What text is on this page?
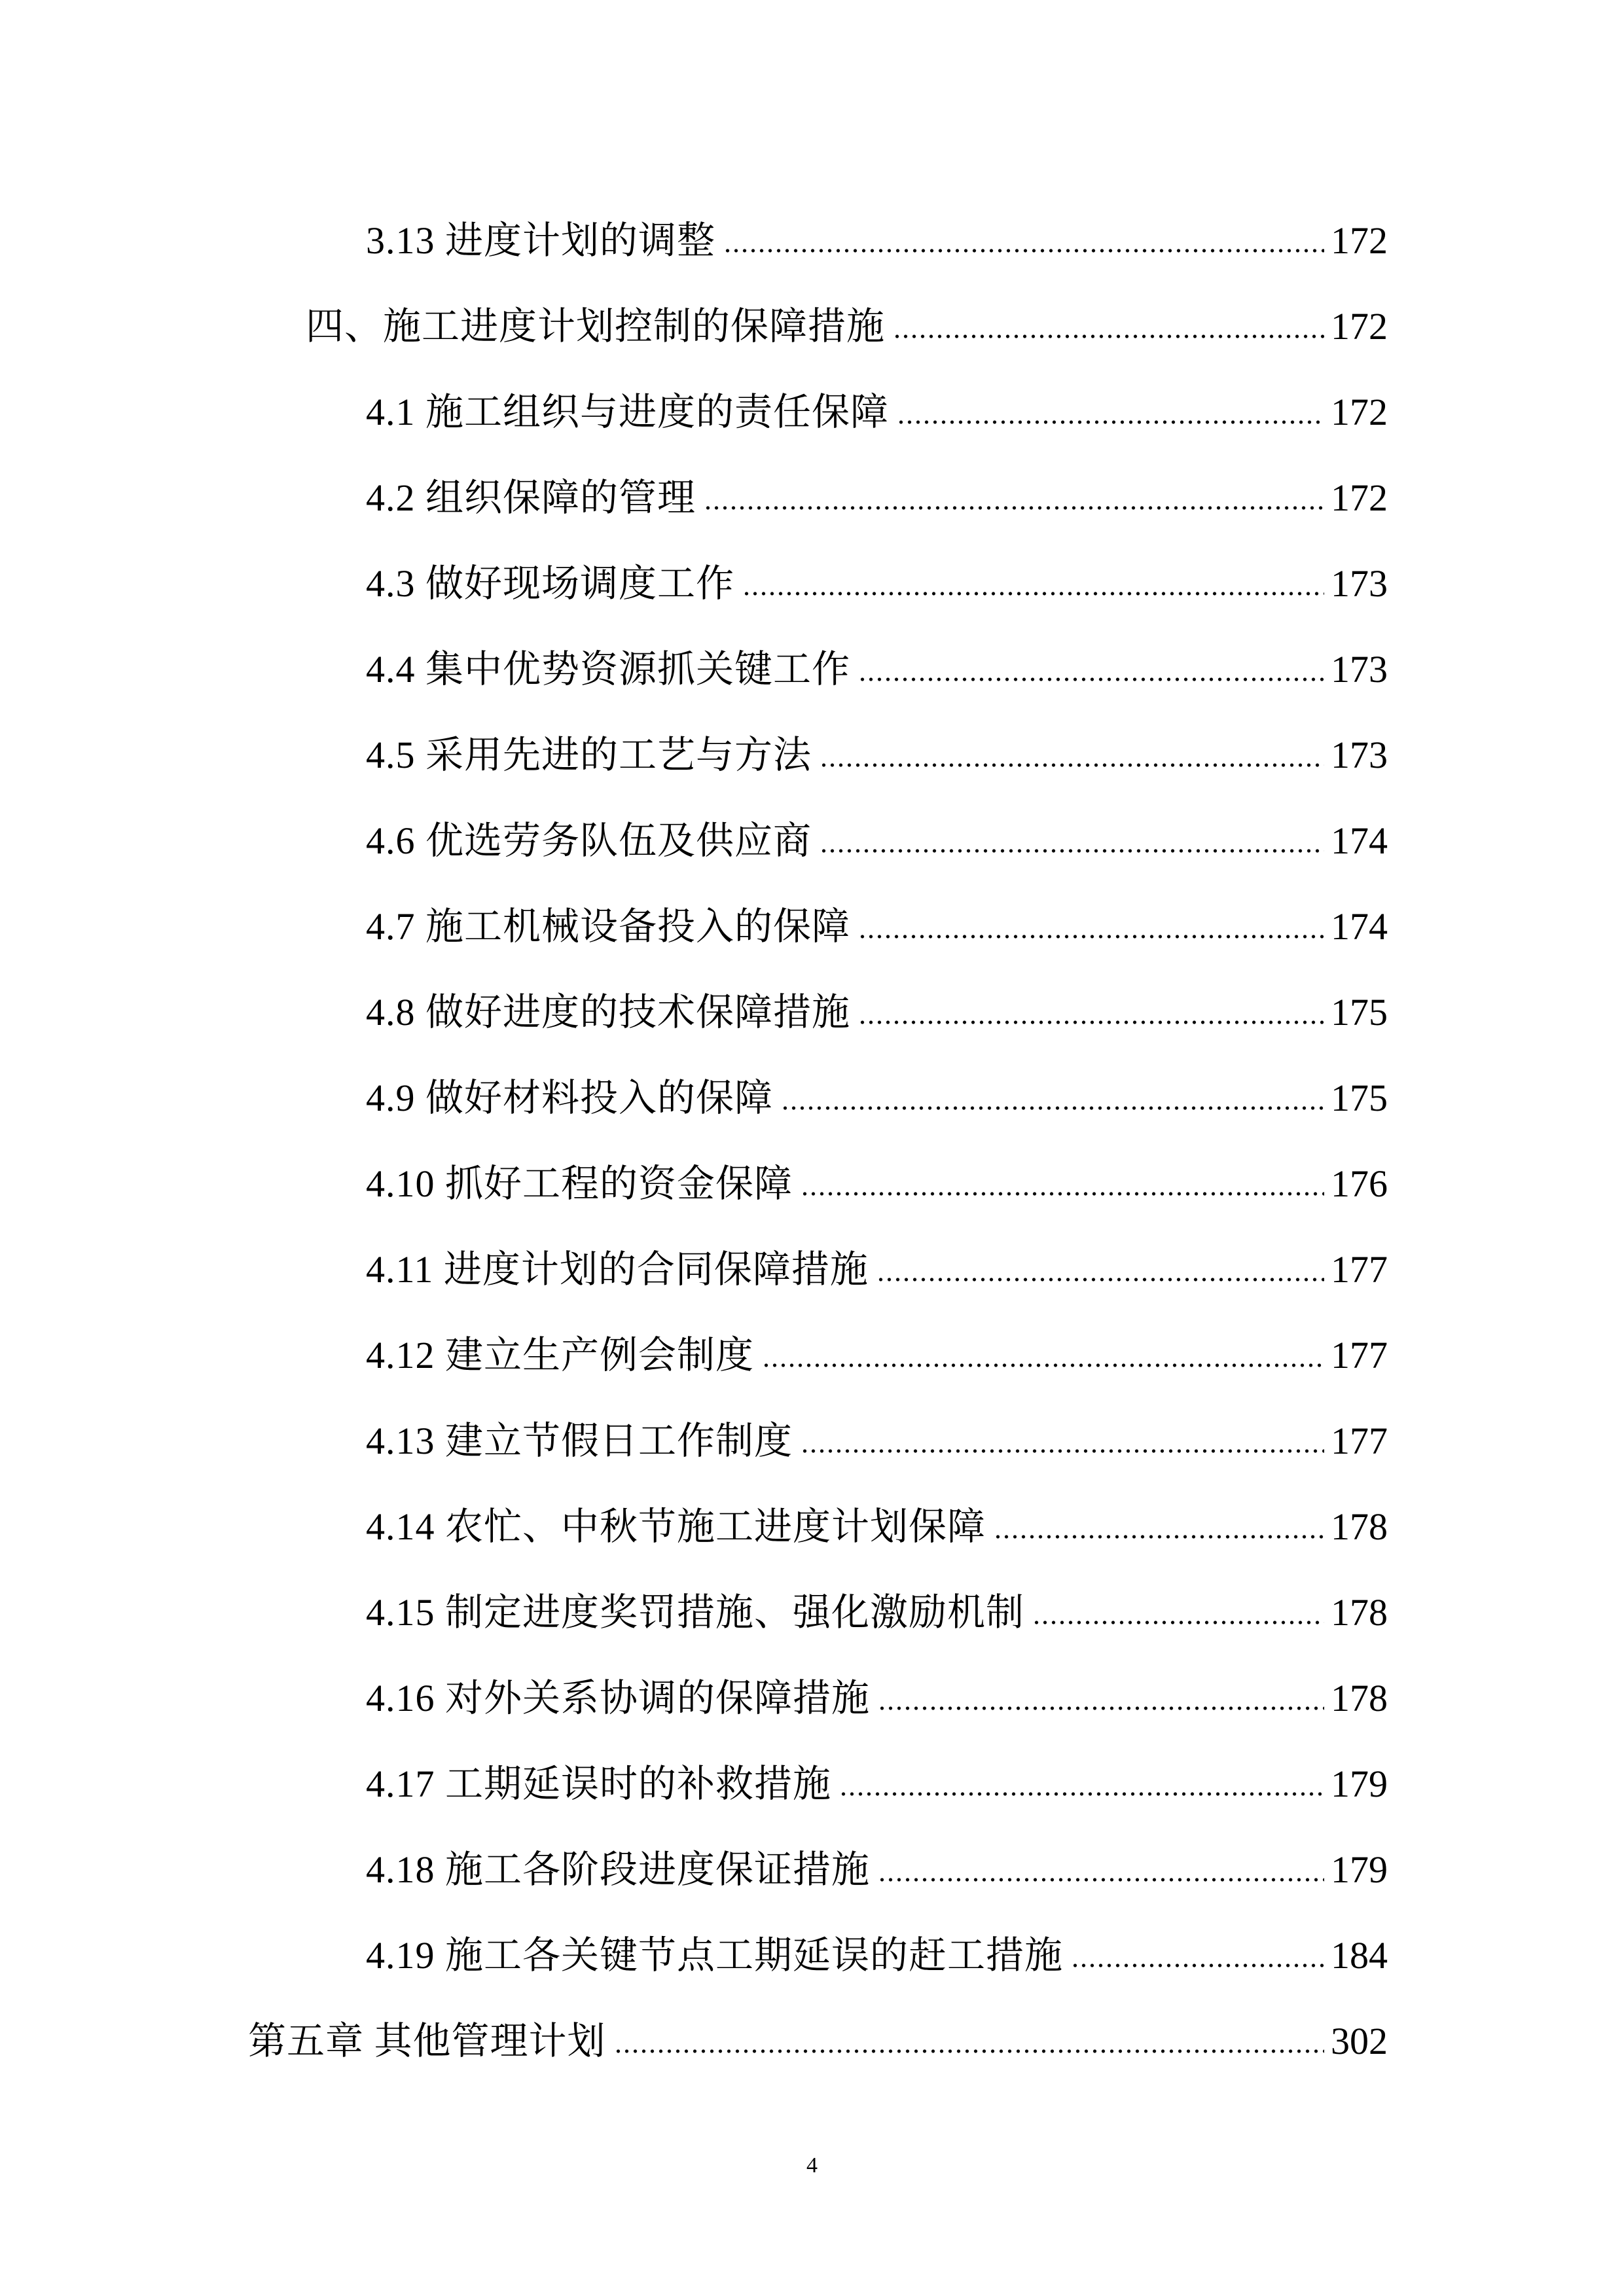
3.13 进度计划的调整	172
四、施工进度计划控制的保障措施	172
4.1 施工组织与进度的责任保障	172
4.2 组织保障的管理	172
4.3 做好现场调度工作	173
4.4 集中优势资源抓关键工作	173
4.5 采用先进的工艺与方法	173
4.6 优选劳务队伍及供应商	174
4.7 施工机械设备投入的保障	174
4.8 做好进度的技术保障措施	175
4.9 做好材料投入的保障	175
4.10 抓好工程的资金保障	176
4.11 进度计划的合同保障措施	177
4.12 建立生产例会制度	177
4.13 建立节假日工作制度	177
4.14 农忙、中秋节施工进度计划保障	178
4.15 制定进度奖罚措施、强化激励机制	178
4.16 对外关系协调的保障措施	178
4.17 工期延误时的补救措施	179
4.18 施工各阶段进度保证措施	179
4.19 施工各关键节点工期延误的赶工措施	184
第五章 其他管理计划	302
4
